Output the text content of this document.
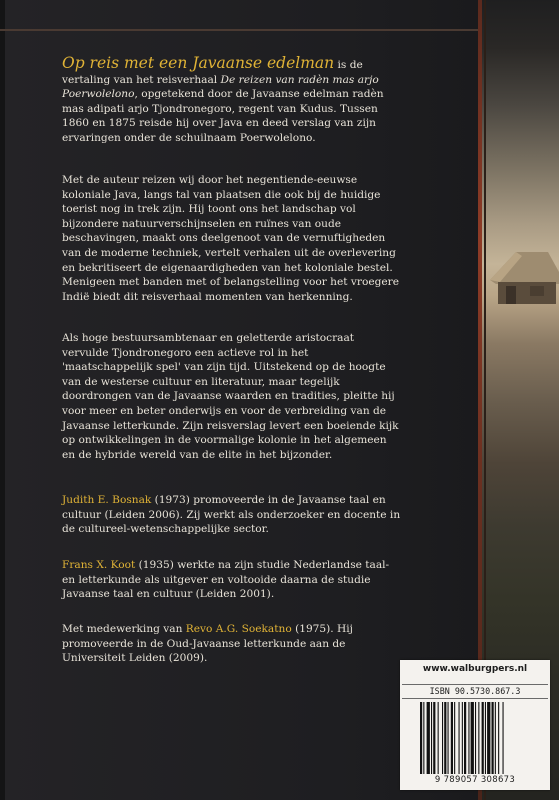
Op reis met een Javaanse edelman is de vertaling van het reisverhaal De reizen van radèn mas arjo Poerwolelono, opgetekend door de Javaanse edelman radèn mas adipati arjo Tjondronegoro, regent van Kudus. Tussen 1860 en 1875 reisde hij over Java en deed verslag van zijn ervaringen onder de schuilnaam Poerwolelono.

Met de auteur reizen wij door het negentiende-eeuwse koloniale Java, langs tal van plaatsen die ook bij de huidige toerist nog in trek zijn. Hij toont ons het landschap vol bijzondere natuurverschijnselen en ruïnes van oude beschavingen, maakt ons deelgenoot van de vernuftigheden van de moderne techniek, vertelt verhalen uit de overlevering en bekritiseert de eigenaardigheden van het koloniale bestel. Menigeen met banden met of belangstelling voor het vroegere Indië biedt dit reisverhaal momenten van herkenning.

Als hoge bestuursambtenaar en geletterde aristocraat vervulde Tjondronegoro een actieve rol in het 'maatschappelijk spel' van zijn tijd. Uitstekend op de hoogte van de westerse cultuur en literatuur, maar tegelijk doordrongen van de Javaanse waarden en tradities, pleitte hij voor meer en beter onderwijs en voor de verbreiding van de Javaanse letterkunde. Zijn reisverslag levert een boeiende kijk op ontwikkelingen in de voormalige kolonie in het algemeen en de hybride wereld van de elite in het bijzonder.

Judith E. Bosnak (1973) promoveerde in de Javaanse taal en cultuur (Leiden 2006). Zij werkt als onderzoeker en docente in de cultureel-wetenschappelijke sector.

Frans X. Koot (1935) werkte na zijn studie Nederlandse taal- en letterkunde als uitgever en voltooide daarna de studie Javaanse taal en cultuur (Leiden 2001).

Met medewerking van Revo A.G. Soekatno (1975). Hij promoveerde in de Oud-Javaanse letterkunde aan de Universiteit Leiden (2009).

www.walburgpers.nl
ISBN 90.5730.867.3
9 789057 308673
